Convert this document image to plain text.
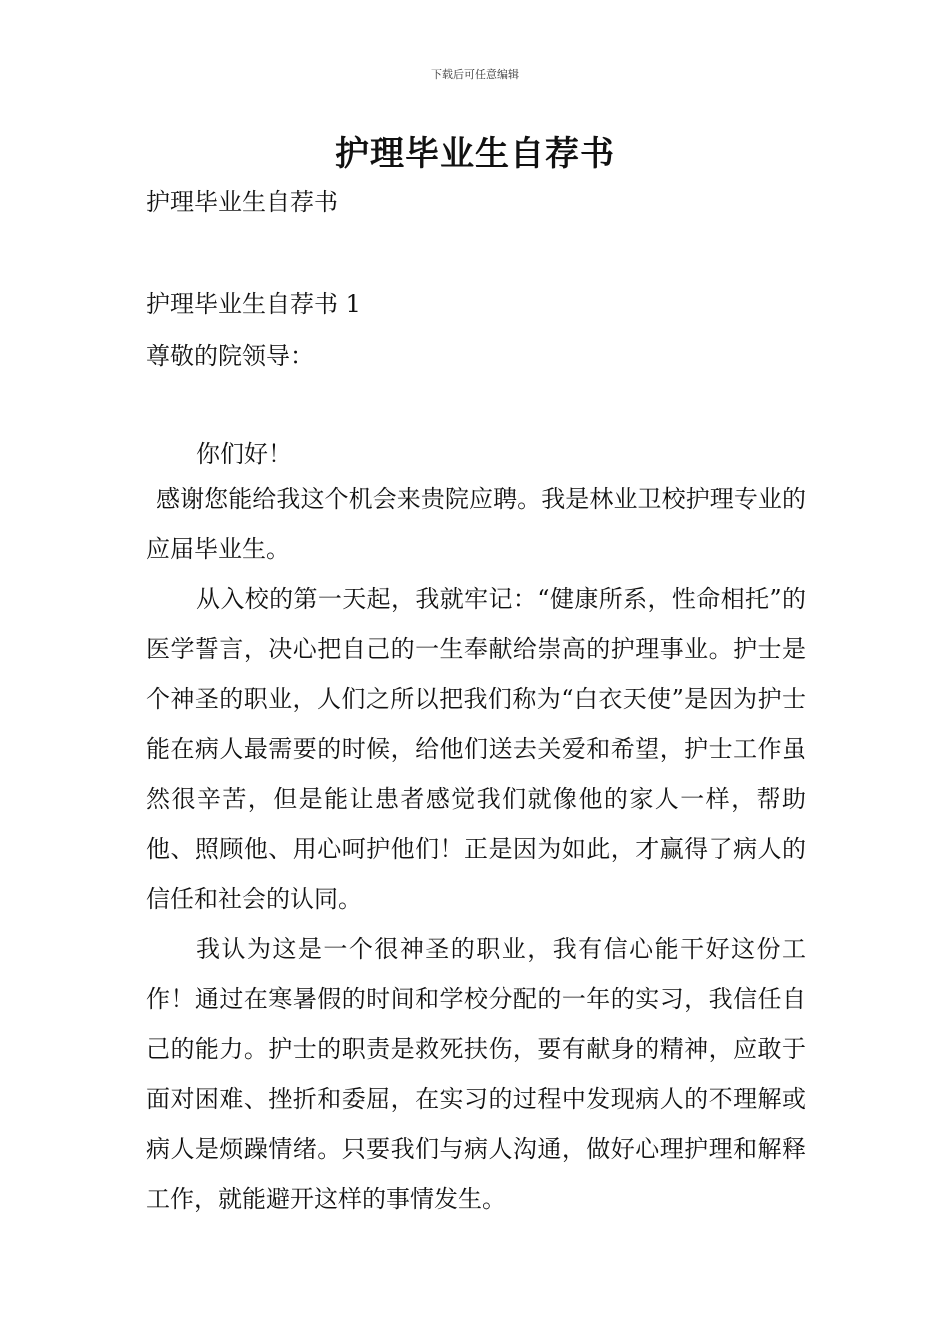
下载后可任意编辑
护理毕业生自荐书
护理毕业生自荐书
护理毕业生自荐书 1
尊敬的院领导：
你们好！

感谢您能给我这个机会来贵院应聘。我是林业卫校护理专业的应届毕业生。

从入校的第一天起，我就牢记：“健康所系，性命相托”的医学誓言，决心把自己的一生奉献给崇高的护理事业。护士是个神圣的职业，人们之所以把我们称为“白衣天使”是因为护士能在病人最需要的时候，给他们送去关爱和希望，护士工作虽然很辛苦，但是能让患者感觉我们就像他的家人一样，帮助他、照顾他、用心呵护他们！正是因为如此，才赢得了病人的信任和社会的认同。

我认为这是一个很神圣的职业，我有信心能干好这份工作！通过在寒暑假的时间和学校分配的一年的实习，我信任自己的能力。护士的职责是救死扶伤，要有献身的精神，应敢于面对困难、挫折和委屈，在实习的过程中发现病人的不理解或病人是烦躁情绪。只要我们与病人沟通，做好心理护理和解释工作，就能避开这样的事情发生。
